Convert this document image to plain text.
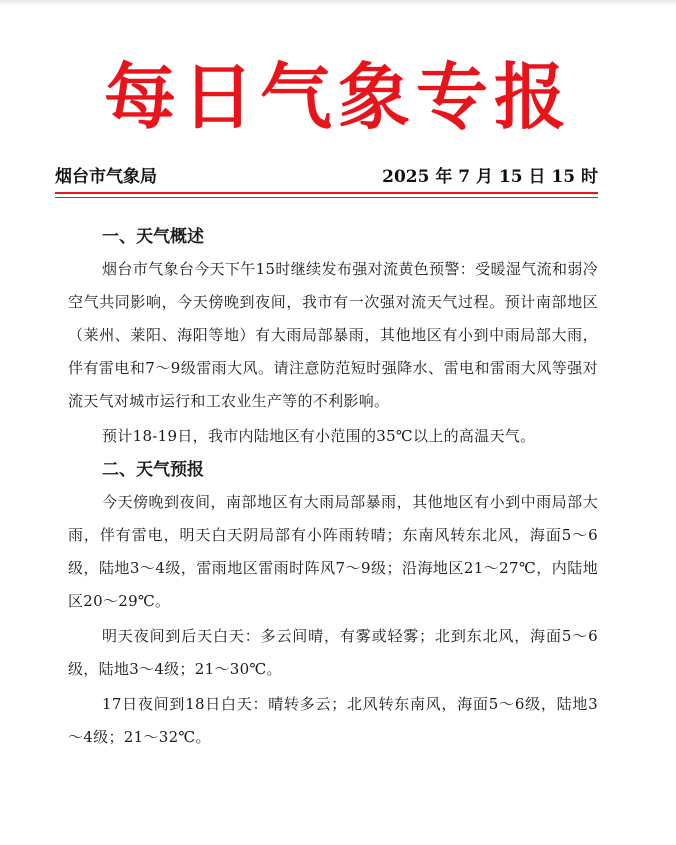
每日气象专报
烟台市气象局	2025 年 7 月 15 日 15 时
一、天气概述

烟台市气象台今天下午15时继续发布强对流黄色预警：受暖湿气流和弱冷空气共同影响，今天傍晚到夜间，我市有一次强对流天气过程。预计南部地区（莱州、莱阳、海阳等地）有大雨局部暴雨，其他地区有小到中雨局部大雨，伴有雷电和7～9级雷雨大风。请注意防范短时强降水、雷电和雷雨大风等强对流天气对城市运行和工农业生产等的不利影响。

预计18-19日，我市内陆地区有小范围的35℃以上的高温天气。

二、天气预报

今天傍晚到夜间，南部地区有大雨局部暴雨，其他地区有小到中雨局部大雨，伴有雷电，明天白天阴局部有小阵雨转晴；东南风转东北风，海面5～6级，陆地3～4级，雷雨地区雷雨时阵风7～9级；沿海地区21～27℃，内陆地区20～29℃。

明天夜间到后天白天：多云间晴，有雾或轻雾；北到东北风，海面5～6级，陆地3～4级；21～30℃。

17日夜间到18日白天：晴转多云；北风转东南风，海面5～6级，陆地3～4级；21～32℃。
